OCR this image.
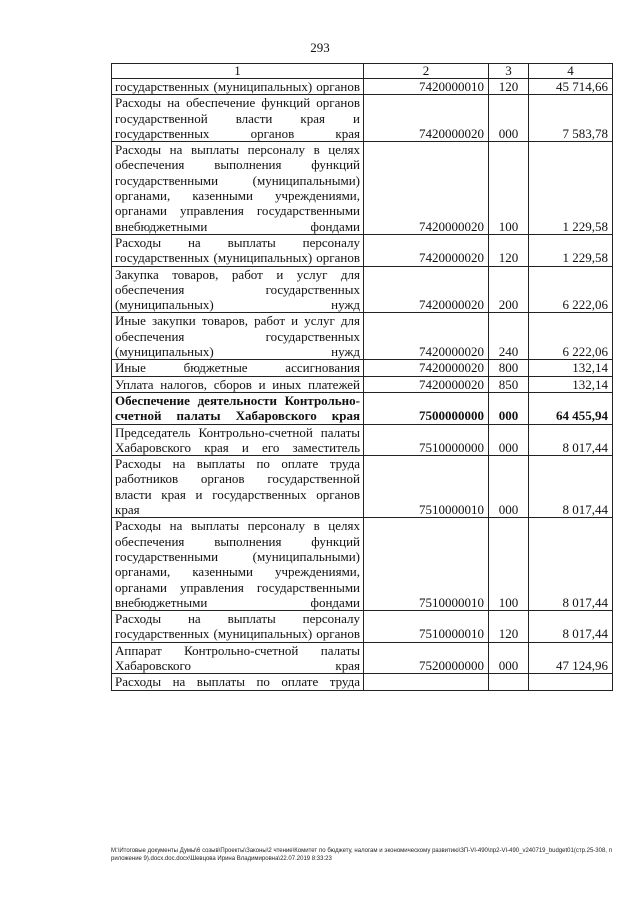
293
1	2	3	4
государственных (муниципальных) органов	7420000010	120	45 714,66
Расходы на обеспечение функций органов государственной власти края и государственных органов края	7420000020	000	7 583,78
Расходы на выплаты персоналу в целях обеспечения выполнения функций государственными (муниципальными) органами, казенными учреждениями, органами управления государственными внебюджетными фондами	7420000020	100	1 229,58
Расходы на выплаты персоналу государственных (муниципальных) органов	7420000020	120	1 229,58
Закупка товаров, работ и услуг для обеспечения государственных (муниципальных) нужд	7420000020	200	6 222,06
Иные закупки товаров, работ и услуг для обеспечения государственных (муниципальных) нужд	7420000020	240	6 222,06
Иные бюджетные ассигнования	7420000020	800	132,14
Уплата налогов, сборов и иных платежей	7420000020	850	132,14
Обеспечение деятельности Контрольно-счетной палаты Хабаровского края	7500000000	000	64 455,94
Председатель Контрольно-счетной палаты Хабаровского края и его заместитель	7510000000	000	8 017,44
Расходы на выплаты по оплате труда работников органов государственной власти края и государственных органов края	7510000010	000	8 017,44
Расходы на выплаты персоналу в целях обеспечения выполнения функций государственными (муниципальными) органами, казенными учреждениями, органами управления государственными внебюджетными фондами	7510000010	100	8 017,44
Расходы на выплаты персоналу государственных (муниципальных) органов	7510000010	120	8 017,44
Аппарат Контрольно-счетной палаты Хабаровского края	7520000000	000	47 124,96
Расходы на выплаты по оплате труда			
M:\Итоговые документы Думы\6 созыв\Проекты\Законы\2 чтение\Комитет по бюджету, налогам и экономическому развитию\ЗП-VI-490\пр2-VI-490_v240719_budget01(стр.25-308, приложение 9).docx.doc.docx\Шевцова Ирина Владимировна\22.07.2019 8:33:23
